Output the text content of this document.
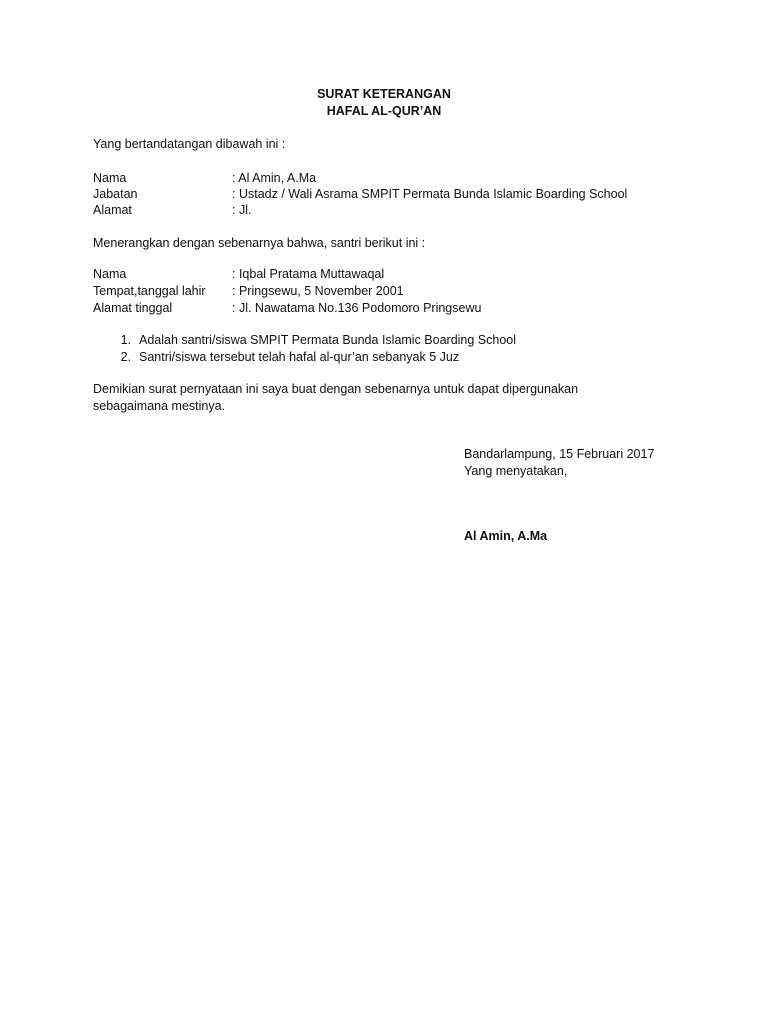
SURAT KETERANGAN
HAFAL AL-QUR’AN
Yang bertandatangan dibawah ini :
Nama	: Al Amin, A.Ma
Jabatan	: Ustadz / Wali Asrama SMPIT Permata Bunda Islamic Boarding School
Alamat	: Jl.
Menerangkan dengan sebenarnya bahwa, santri berikut ini :
Nama	: Iqbal Pratama Muttawaqal
Tempat,tanggal lahir : Pringsewu, 5 November 2001
Alamat tinggal	: Jl. Nawatama No.136 Podomoro Pringsewu
1. Adalah santri/siswa SMPIT Permata Bunda Islamic Boarding School
2. Santri/siswa tersebut telah hafal al-qur’an sebanyak 5 Juz
Demikian surat pernyataan ini saya buat dengan sebenarnya untuk dapat dipergunakan
sebagaimana mestinya.
Bandarlampung, 15 Februari 2017
Yang menyatakan,
Al Amin, A.Ma
